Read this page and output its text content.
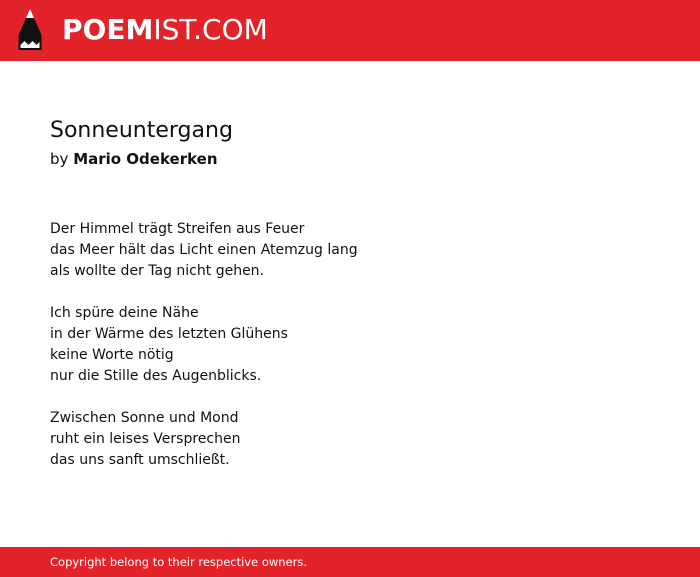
POEMIST.COM
Sonneuntergang
by Mario Odekerken
Der Himmel trägt Streifen aus Feuer
das Meer hält das Licht einen Atemzug lang
als wollte der Tag nicht gehen.
Ich spüre deine Nähe
in der Wärme des letzten Glühens
keine Worte nötig
nur die Stille des Augenblicks.
Zwischen Sonne und Mond
ruht ein leises Versprechen
das uns sanft umschließt.
Copyright belong to their respective owners.
